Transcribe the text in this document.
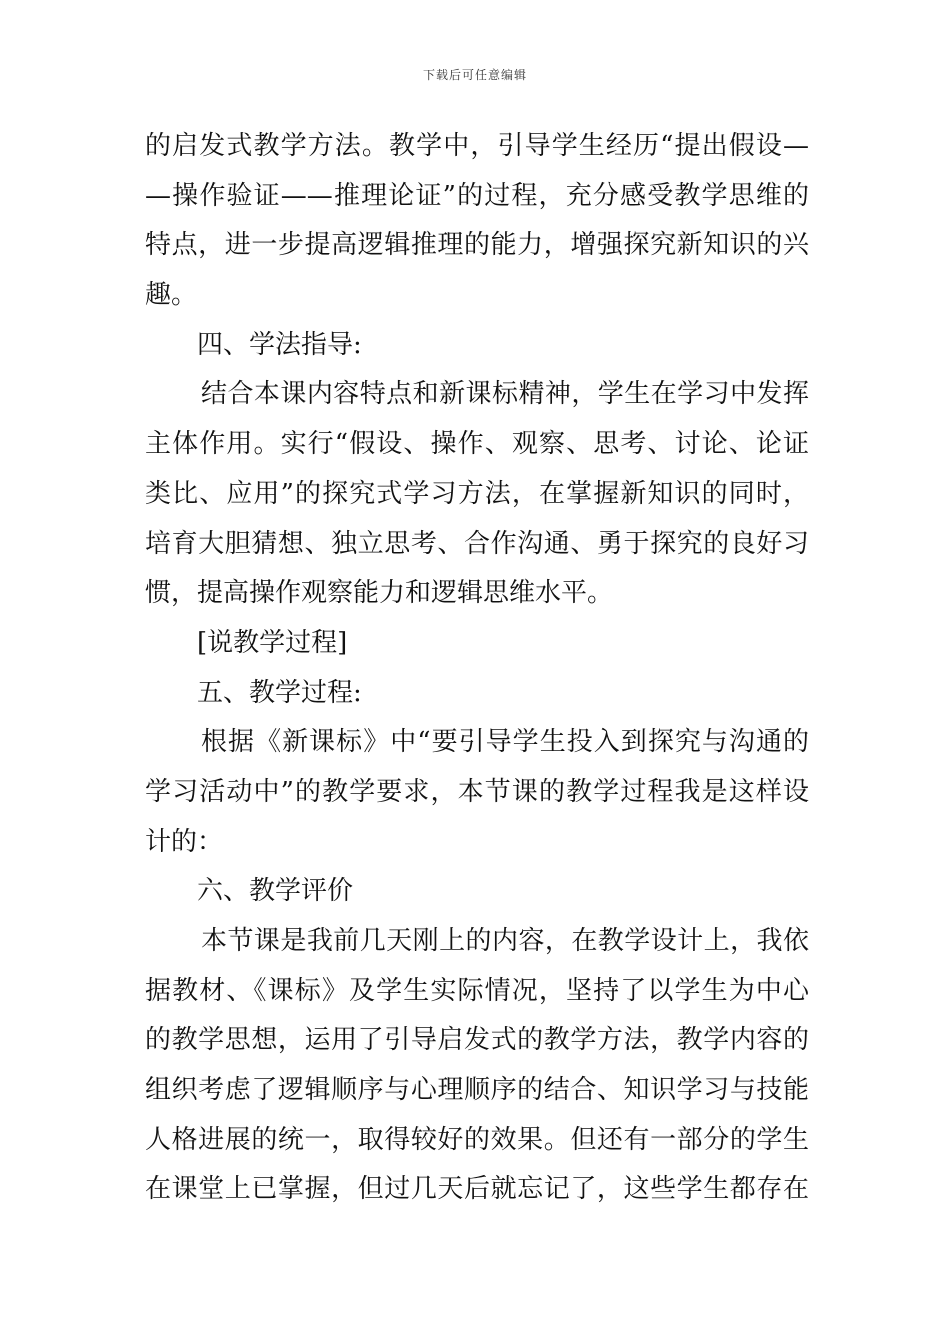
下载后可任意编辑
的启发式教学方法。教学中，引导学生经历“提出假设—
—操作验证——推理论证”的过程，充分感受教学思维的
特点，进一步提高逻辑推理的能力，增强探究新知识的兴
趣。
四、学法指导:
结合本课内容特点和新课标精神，学生在学习中发挥
主体作用。实行“假设、操作、观察、思考、讨论、论证
类比、应用”的探究式学习方法，在掌握新知识的同时，
培育大胆猜想、独立思考、合作沟通、勇于探究的良好习
惯，提高操作观察能力和逻辑思维水平。
[说教学过程]
五、教学过程:
根据《新课标》中“要引导学生投入到探究与沟通的
学习活动中”的教学要求，本节课的教学过程我是这样设
计的：
六、教学评价
本节课是我前几天刚上的内容，在教学设计上，我依
据教材、《课标》及学生实际情况，坚持了以学生为中心
的教学思想，运用了引导启发式的教学方法，教学内容的
组织考虑了逻辑顺序与心理顺序的结合、知识学习与技能
人格进展的统一，取得较好的效果。但还有一部分的学生
在课堂上已掌握，但过几天后就忘记了，这些学生都存在
